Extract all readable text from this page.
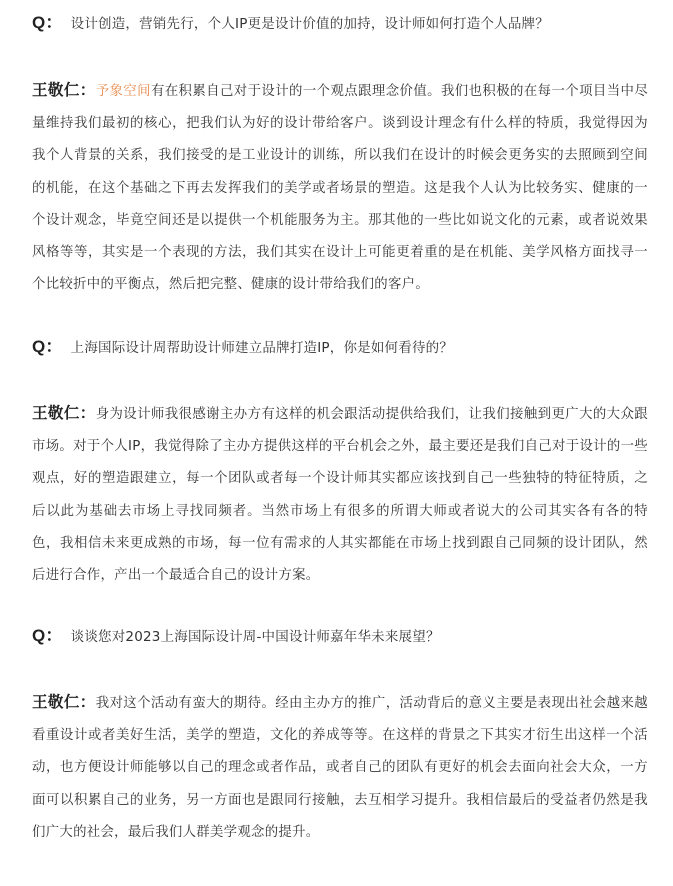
Q： 设计创造，营销先行，个人IP更是设计价值的加持，设计师如何打造个人品牌？
王敬仁：予象空间有在积累自己对于设计的一个观点跟理念价值。我们也积极的在每一个项目当中尽量维持我们最初的核心，把我们认为好的设计带给客户。谈到设计理念有什么样的特质，我觉得因为我个人背景的关系，我们接受的是工业设计的训练，所以我们在设计的时候会更务实的去照顾到空间的机能，在这个基础之下再去发挥我们的美学或者场景的塑造。这是我个人认为比较务实、健康的一个设计观念，毕竟空间还是以提供一个机能服务为主。那其他的一些比如说文化的元素，或者说效果风格等等，其实是一个表现的方法，我们其实在设计上可能更着重的是在机能、美学风格方面找寻一个比较折中的平衡点，然后把完整、健康的设计带给我们的客户。
Q： 上海国际设计周帮助设计师建立品牌打造IP，你是如何看待的？
王敬仁：身为设计师我很感谢主办方有这样的机会跟活动提供给我们，让我们接触到更广大的大众跟市场。对于个人IP，我觉得除了主办方提供这样的平台机会之外，最主要还是我们自己对于设计的一些观点，好的塑造跟建立，每一个团队或者每一个设计师其实都应该找到自己一些独特的特征特质，之后以此为基础去市场上寻找同频者。当然市场上有很多的所谓大师或者说大的公司其实各有各的特色，我相信未来更成熟的市场，每一位有需求的人其实都能在市场上找到跟自己同频的设计团队，然后进行合作，产出一个最适合自己的设计方案。
Q： 谈谈您对2023上海国际设计周-中国设计师嘉年华未来展望？
王敬仁：我对这个活动有蛮大的期待。经由主办方的推广，活动背后的意义主要是表现出社会越来越看重设计或者美好生活，美学的塑造，文化的养成等等。在这样的背景之下其实才衍生出这样一个活动，也方便设计师能够以自己的理念或者作品，或者自己的团队有更好的机会去面向社会大众，一方面可以积累自己的业务，另一方面也是跟同行接触，去互相学习提升。我相信最后的受益者仍然是我们广大的社会，最后我们人群美学观念的提升。
